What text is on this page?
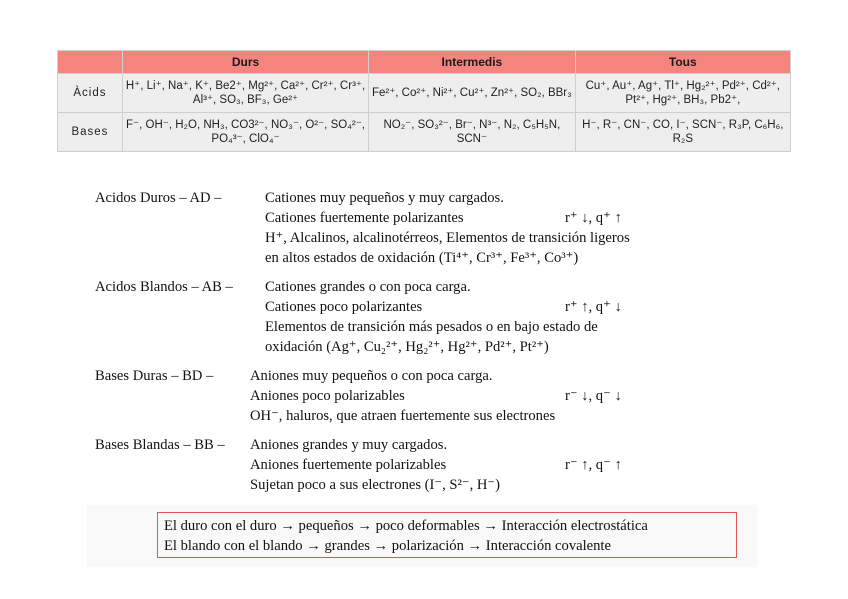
	Durs	Intermedis	Tous
Àcids	H⁺, Li⁺, Na⁺, K⁺, Be2⁺, Mg²⁺, Ca²⁺, Cr²⁺, Cr³⁺, Al³⁺, SO₃, BF₃, Ge²⁺	Fe²⁺, Co²⁺, Ni²⁺, Cu²⁺, Zn²⁺, SO₂, BBr₃	Cu⁺, Au⁺, Ag⁺, Tl⁺, Hg₂²⁺, Pd²⁺, Cd²⁺, Pt²⁺, Hg²⁺, BH₃, Pb2⁺,
Bases	F⁻, OH⁻, H₂O, NH₃, CO3²⁻, NO₃⁻, O²⁻, SO₄²⁻, PO₄³⁻, ClO₄⁻	NO₂⁻, SO₃²⁻, Br⁻, N³⁻, N₂, C₅H₅N, SCN⁻	H⁻, R⁻, CN⁻, CO, I⁻, SCN⁻, R₃P, C₆H₆, R₂S
Acidos Duros – AD –	Cationes muy pequeños y muy cargados.
Cationes fuertemente polarizantes	r⁺ ↓, q⁺ ↑
H⁺, Alcalinos, alcalinotérreos, Elementos de transición ligeros
en altos estados de oxidación (Ti⁴⁺, Cr³⁺, Fe³⁺, Co³⁺)
Acidos Blandos – AB –	Cationes grandes o con poca carga.
Cationes poco polarizantes	r⁺ ↑, q⁺ ↓
Elementos de transición más pesados o en bajo estado de
oxidación (Ag⁺, Cu₂²⁺, Hg₂²⁺, Hg²⁺, Pd²⁺, Pt²⁺)
Bases Duras – BD –	Aniones muy pequeños o con poca carga.
Aniones poco polarizables	r⁻ ↓, q⁻ ↓
OH⁻, haluros, que atraen fuertemente sus electrones
Bases Blandas – BB –	Aniones grandes y muy cargados.
Aniones fuertemente polarizables	r⁻ ↑, q⁻ ↑
Sujetan poco a sus electrones (I⁻, S²⁻, H⁻)
El duro con el duro → pequeños → poco deformables → Interacción electrostática
El blando con el blando → grandes → polarización → Interacción covalente
